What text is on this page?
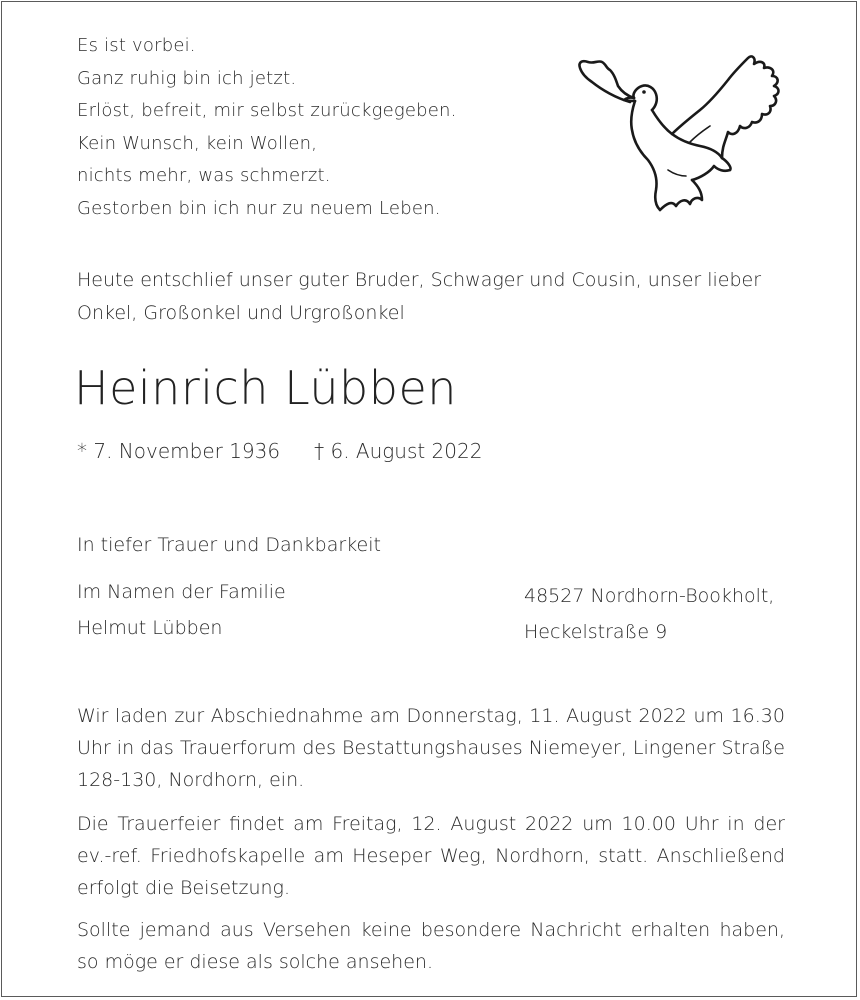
Es ist vorbei.
Ganz ruhig bin ich jetzt.
Erlöst, befreit, mir selbst zurückgegeben.
Kein Wunsch, kein Wollen,
nichts mehr, was schmerzt.
Gestorben bin ich nur zu neuem Leben.
Heute entschlief unser guter Bruder, Schwager und Cousin, unser lieber
Onkel, Großonkel und Urgroßonkel
Heinrich Lübben
* 7. November 1936 † 6. August 2022
In tiefer Trauer und Dankbarkeit
Im Namen der Familie
Helmut Lübben
48527 Nordhorn-Bookholt,
Heckelstraße 9
Wir laden zur Abschiednahme am Donnerstag, 11. August 2022 um 16.30 Uhr in das Trauerforum des Bestattungshauses Niemeyer, Lingener Straße 128-130, Nordhorn, ein.
Die Trauerfeier findet am Freitag, 12. August 2022 um 10.00 Uhr in der ev.-ref. Friedhofskapelle am Heseper Weg, Nordhorn, statt. Anschließend erfolgt die Beisetzung.
Sollte jemand aus Versehen keine besondere Nachricht erhalten haben, so möge er diese als solche ansehen.
